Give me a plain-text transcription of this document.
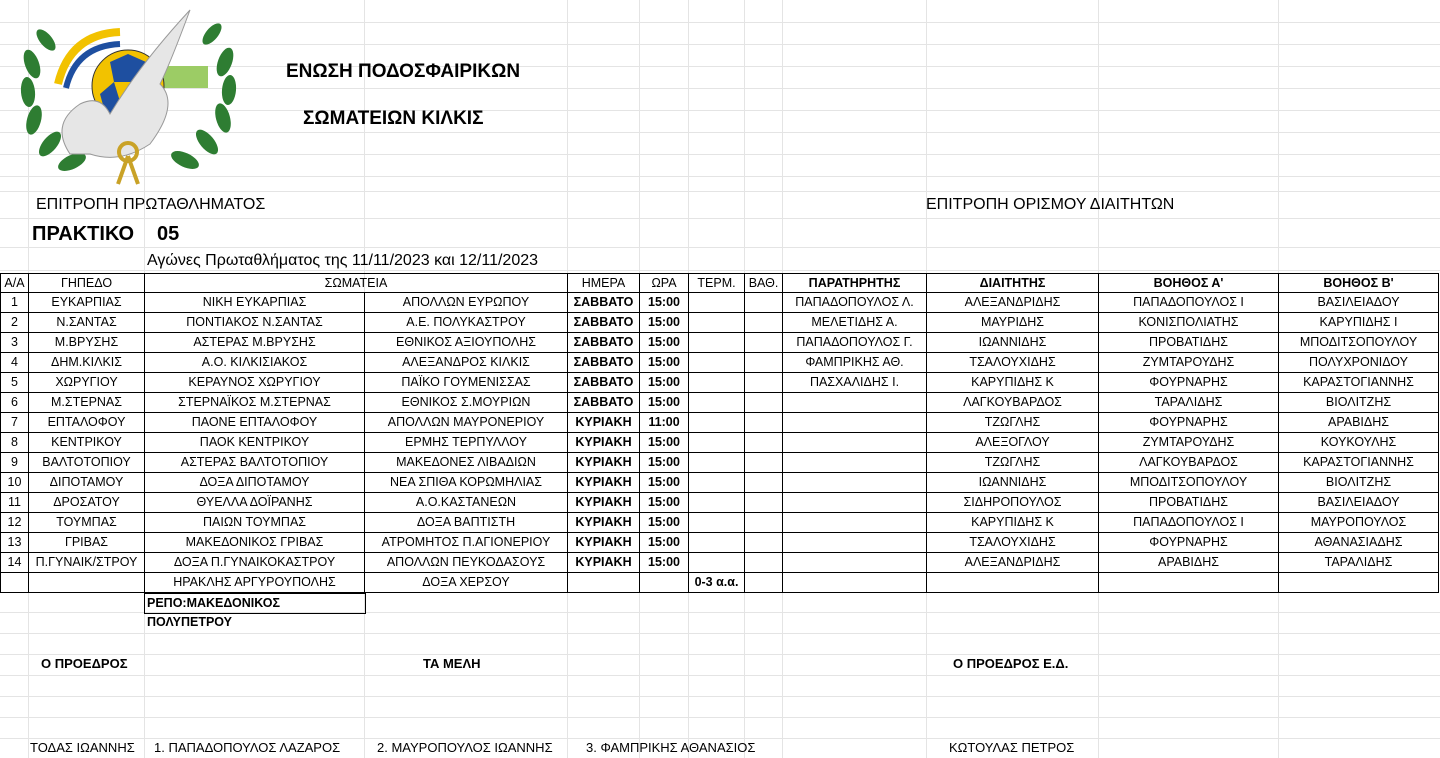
ΕΝΩΣΗ ΠΟΔΟΣΦΑΙΡΙΚΩΝ
ΣΩΜΑΤΕΙΩΝ ΚΙΛΚΙΣ
ΕΠΙΤΡΟΠΗ ΠΡΩΤΑΘΛΗΜΑΤΟΣ	ΕΠΙΤΡΟΠΗ ΟΡΙΣΜΟΥ ΔΙΑΙΤΗΤΩΝ
ΠΡΑΚΤΙΚΟ 05
Αγώνες Πρωταθλήματος της 11/11/2023 και 12/11/2023
Α/Α	ΓΗΠΕΔΟ	ΣΩΜΑΤΕΙΑ		ΗΜΕΡΑ	ΩΡΑ	ΤΕΡΜ.	ΒΑΘ.	ΠΑΡΑΤΗΡΗΤΗΣ	ΔΙΑΙΤΗΤΗΣ	ΒΟΗΘΟΣ Α'	ΒΟΗΘΟΣ Β'
1	ΕΥΚΑΡΠΙΑΣ	ΝΙΚΗ ΕΥΚΑΡΠΙΑΣ	ΑΠΟΛΛΩΝ ΕΥΡΩΠΟΥ	ΣΑΒΒΑΤΟ	15:00			ΠΑΠΑΔΟΠΟΥΛΟΣ Λ.	ΑΛΕΞΑΝΔΡΙΔΗΣ	ΠΑΠΑΔΟΠΟΥΛΟΣ Ι	ΒΑΣΙΛΕΙΑΔΟΥ
2	Ν.ΣΑΝΤΑΣ	ΠΟΝΤΙΑΚΟΣ Ν.ΣΑΝΤΑΣ	Α.Ε. ΠΟΛΥΚΑΣΤΡΟΥ	ΣΑΒΒΑΤΟ	15:00			ΜΕΛΕΤΙΔΗΣ Α.	ΜΑΥΡΙΔΗΣ	ΚΟΝΙΣΠΟΛΙΑΤΗΣ	ΚΑΡΥΠΙΔΗΣ Ι
3	Μ.ΒΡΥΣΗΣ	ΑΣΤΕΡΑΣ Μ.ΒΡΥΣΗΣ	ΕΘΝΙΚΟΣ ΑΞΙΟΥΠΟΛΗΣ	ΣΑΒΒΑΤΟ	15:00			ΠΑΠΑΔΟΠΟΥΛΟΣ Γ.	ΙΩΑΝΝΙΔΗΣ	ΠΡΟΒΑΤΙΔΗΣ	ΜΠΟΔΙΤΣΟΠΟΥΛΟΥ
4	ΔΗΜ.ΚΙΛΚΙΣ	Α.Ο. ΚΙΛΚΙΣΙΑΚΟΣ	ΑΛΕΞΑΝΔΡΟΣ ΚΙΛΚΙΣ	ΣΑΒΒΑΤΟ	15:00			ΦΑΜΠΡΙΚΗΣ ΑΘ.	ΤΣΑΛΟΥΧΙΔΗΣ	ΖΥΜΤΑΡΟΥΔΗΣ	ΠΟΛΥΧΡΟΝΙΔΟΥ
5	ΧΩΡΥΓΙΟΥ	ΚΕΡΑΥΝΟΣ ΧΩΡΥΓΙΟΥ	ΠΑΪΚΟ ΓΟΥΜΕΝΙΣΣΑΣ	ΣΑΒΒΑΤΟ	15:00			ΠΑΣΧΑΛΙΔΗΣ Ι.	ΚΑΡΥΠΙΔΗΣ Κ	ΦΟΥΡΝΑΡΗΣ	ΚΑΡΑΣΤΟΓΙΑΝΝΗΣ
6	Μ.ΣΤΕΡΝΑΣ	ΣΤΕΡΝΑΪΚΟΣ Μ.ΣΤΕΡΝΑΣ	ΕΘΝΙΚΟΣ Σ.ΜΟΥΡΙΩΝ	ΣΑΒΒΑΤΟ	15:00				ΛΑΓΚΟΥΒΑΡΔΟΣ	ΤΑΡΑΛΙΔΗΣ	ΒΙΟΛΙΤΖΗΣ
7	ΕΠΤΑΛΟΦΟΥ	ΠΑΟΝΕ ΕΠΤΑΛΟΦΟΥ	ΑΠΟΛΛΩΝ ΜΑΥΡΟΝΕΡΙΟΥ	ΚΥΡΙΑΚΗ	11:00				ΤΖΩΓΛΗΣ	ΦΟΥΡΝΑΡΗΣ	ΑΡΑΒΙΔΗΣ
8	ΚΕΝΤΡΙΚΟΥ	ΠΑΟΚ ΚΕΝΤΡΙΚΟΥ	ΕΡΜΗΣ ΤΕΡΠΥΛΛΟΥ	ΚΥΡΙΑΚΗ	15:00				ΑΛΕΞΟΓΛΟΥ	ΖΥΜΤΑΡΟΥΔΗΣ	ΚΟΥΚΟΥΛΗΣ
9	ΒΑΛΤΟΤΟΠΙΟΥ	ΑΣΤΕΡΑΣ ΒΑΛΤΟΤΟΠΙΟΥ	ΜΑΚΕΔΟΝΕΣ ΛΙΒΑΔΙΩΝ	ΚΥΡΙΑΚΗ	15:00				ΤΖΩΓΛΗΣ	ΛΑΓΚΟΥΒΑΡΔΟΣ	ΚΑΡΑΣΤΟΓΙΑΝΝΗΣ
10	ΔΙΠΟΤΑΜΟΥ	ΔΟΞΑ ΔΙΠΟΤΑΜΟΥ	ΝΕΑ ΣΠΙΘΑ ΚΟΡΩΜΗΛΙΑΣ	ΚΥΡΙΑΚΗ	15:00				ΙΩΑΝΝΙΔΗΣ	ΜΠΟΔΙΤΣΟΠΟΥΛΟΥ	ΒΙΟΛΙΤΖΗΣ
11	ΔΡΟΣΑΤΟΥ	ΘΥΕΛΛΑ ΔΟΪΡΑΝΗΣ	Α.Ο.ΚΑΣΤΑΝΕΩΝ	ΚΥΡΙΑΚΗ	15:00				ΣΙΔΗΡΟΠΟΥΛΟΣ	ΠΡΟΒΑΤΙΔΗΣ	ΒΑΣΙΛΕΙΑΔΟΥ
12	ΤΟΥΜΠΑΣ	ΠΑΙΩΝ ΤΟΥΜΠΑΣ	ΔΟΞΑ ΒΑΠΤΙΣΤΗ	ΚΥΡΙΑΚΗ	15:00				ΚΑΡΥΠΙΔΗΣ Κ	ΠΑΠΑΔΟΠΟΥΛΟΣ Ι	ΜΑΥΡΟΠΟΥΛΟΣ
13	ΓΡΙΒΑΣ	ΜΑΚΕΔΟΝΙΚΟΣ ΓΡΙΒΑΣ	ΑΤΡΟΜΗΤΟΣ Π.ΑΓΙΟΝΕΡΙΟΥ	ΚΥΡΙΑΚΗ	15:00				ΤΣΑΛΟΥΧΙΔΗΣ	ΦΟΥΡΝΑΡΗΣ	ΑΘΑΝΑΣΙΑΔΗΣ
14	Π.ΓΥΝΑΙΚ/ΣΤΡΟΥ	ΔΟΞΑ Π.ΓΥΝΑΙΚΟΚΑΣΤΡΟΥ	ΑΠΟΛΛΩΝ ΠΕΥΚΟΔΑΣΟΥΣ	ΚΥΡΙΑΚΗ	15:00				ΑΛΕΞΑΝΔΡΙΔΗΣ	ΑΡΑΒΙΔΗΣ	ΤΑΡΑΛΙΔΗΣ
		ΗΡΑΚΛΗΣ ΑΡΓΥΡΟΥΠΟΛΗΣ	ΔΟΞΑ ΧΕΡΣΟΥ			0-3 α.α.					
ΡΕΠΟ:ΜΑΚΕΔΟΝΙΚΟΣ ΠΟΛΥΠΕΤΡΟΥ
Ο ΠΡΟΕΔΡΟΣ	ΤΑ ΜΕΛΗ	Ο ΠΡΟΕΔΡΟΣ Ε.Δ.
ΤΟΔΑΣ ΙΩΑΝΝΗΣ 1. ΠΑΠΑΔΟΠΟΥΛΟΣ ΛΑΖΑΡΟΣ	2. ΜΑΥΡΟΠΟΥΛΟΣ ΙΩΑΝΝΗΣ	3. ΦΑΜΠΡΙΚΗΣ ΑΘΑΝΑΣΙΟΣ	ΚΩΤΟΥΛΑΣ ΠΕΤΡΟΣ
